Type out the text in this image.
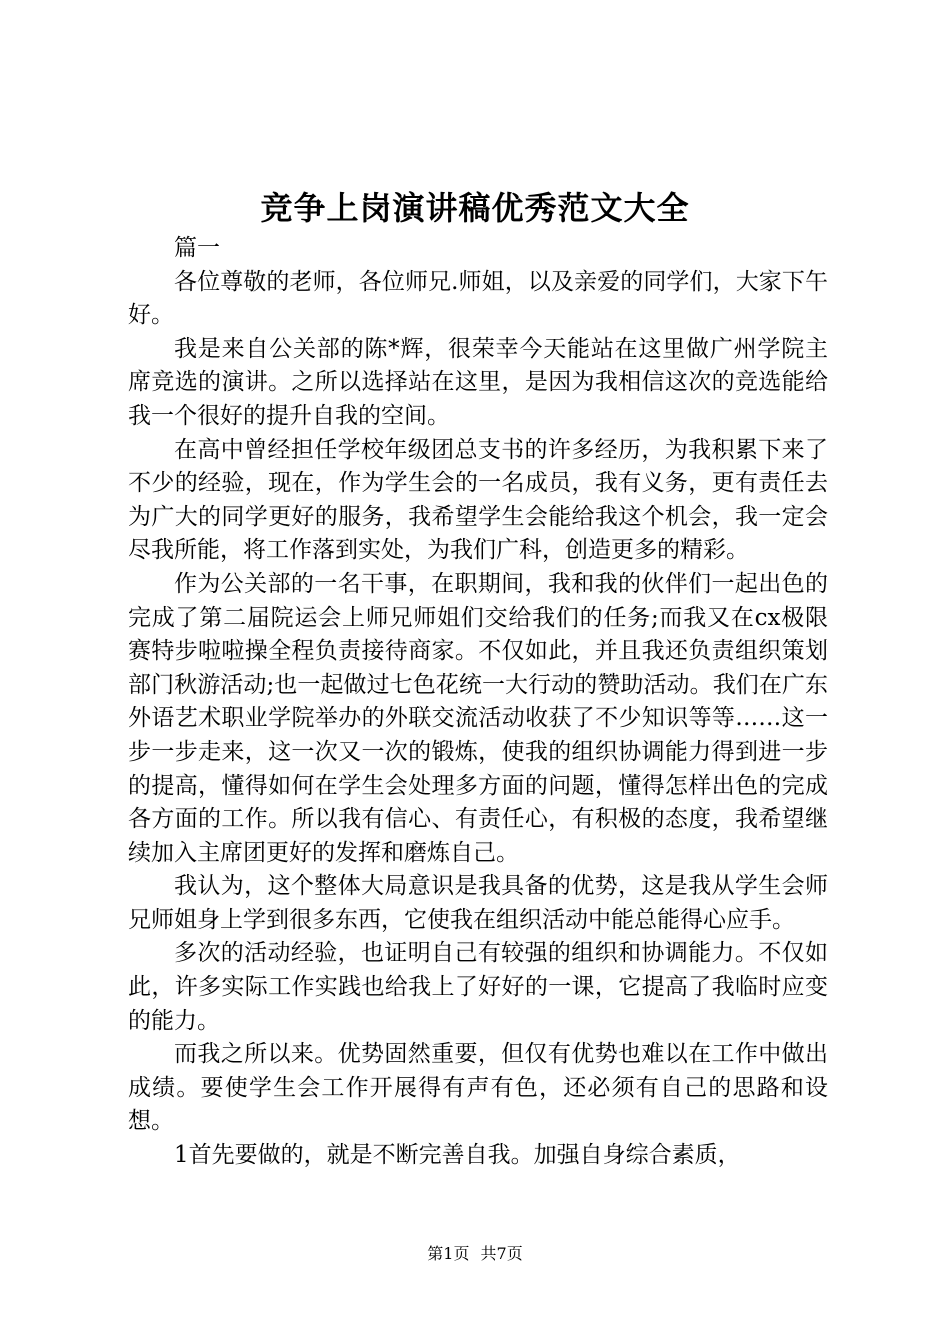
竞争上岗演讲稿优秀范文大全

篇一

各位尊敬的老师，各位师兄.师姐，以及亲爱的同学们，大家下午好。

我是来自公关部的陈*辉，很荣幸今天能站在这里做广州学院主席竞选的演讲。之所以选择站在这里，是因为我相信这次的竞选能给我一个很好的提升自我的空间。

在高中曾经担任学校年级团总支书的许多经历，为我积累下来了不少的经验，现在，作为学生会的一名成员，我有义务，更有责任去为广大的同学更好的服务，我希望学生会能给我这个机会，我一定会尽我所能，将工作落到实处，为我们广科，创造更多的精彩。

作为公关部的一名干事，在职期间，我和我的伙伴们一起出色的完成了第二届院运会上师兄师姐们交给我们的任务;而我又在cx极限赛特步啦啦操全程负责接待商家。不仅如此，并且我还负责组织策划部门秋游活动;也一起做过七色花统一大行动的赞助活动。我们在广东外语艺术职业学院举办的外联交流活动收获了不少知识等等……这一步一步走来，这一次又一次的锻炼，使我的组织协调能力得到进一步的提高，懂得如何在学生会处理多方面的问题，懂得怎样出色的完成各方面的工作。所以我有信心、有责任心，有积极的态度，我希望继续加入主席团更好的发挥和磨炼自己。

我认为，这个整体大局意识是我具备的优势，这是我从学生会师兄师姐身上学到很多东西，它使我在组织活动中能总能得心应手。

多次的活动经验，也证明自己有较强的组织和协调能力。不仅如此，许多实际工作实践也给我上了好好的一课，它提高了我临时应变的能力。

而我之所以来。优势固然重要，但仅有优势也难以在工作中做出成绩。要使学生会工作开展得有声有色，还必须有自己的思路和设想。

1首先要做的，就是不断完善自我。加强自身综合素质，

第1页 共7页
